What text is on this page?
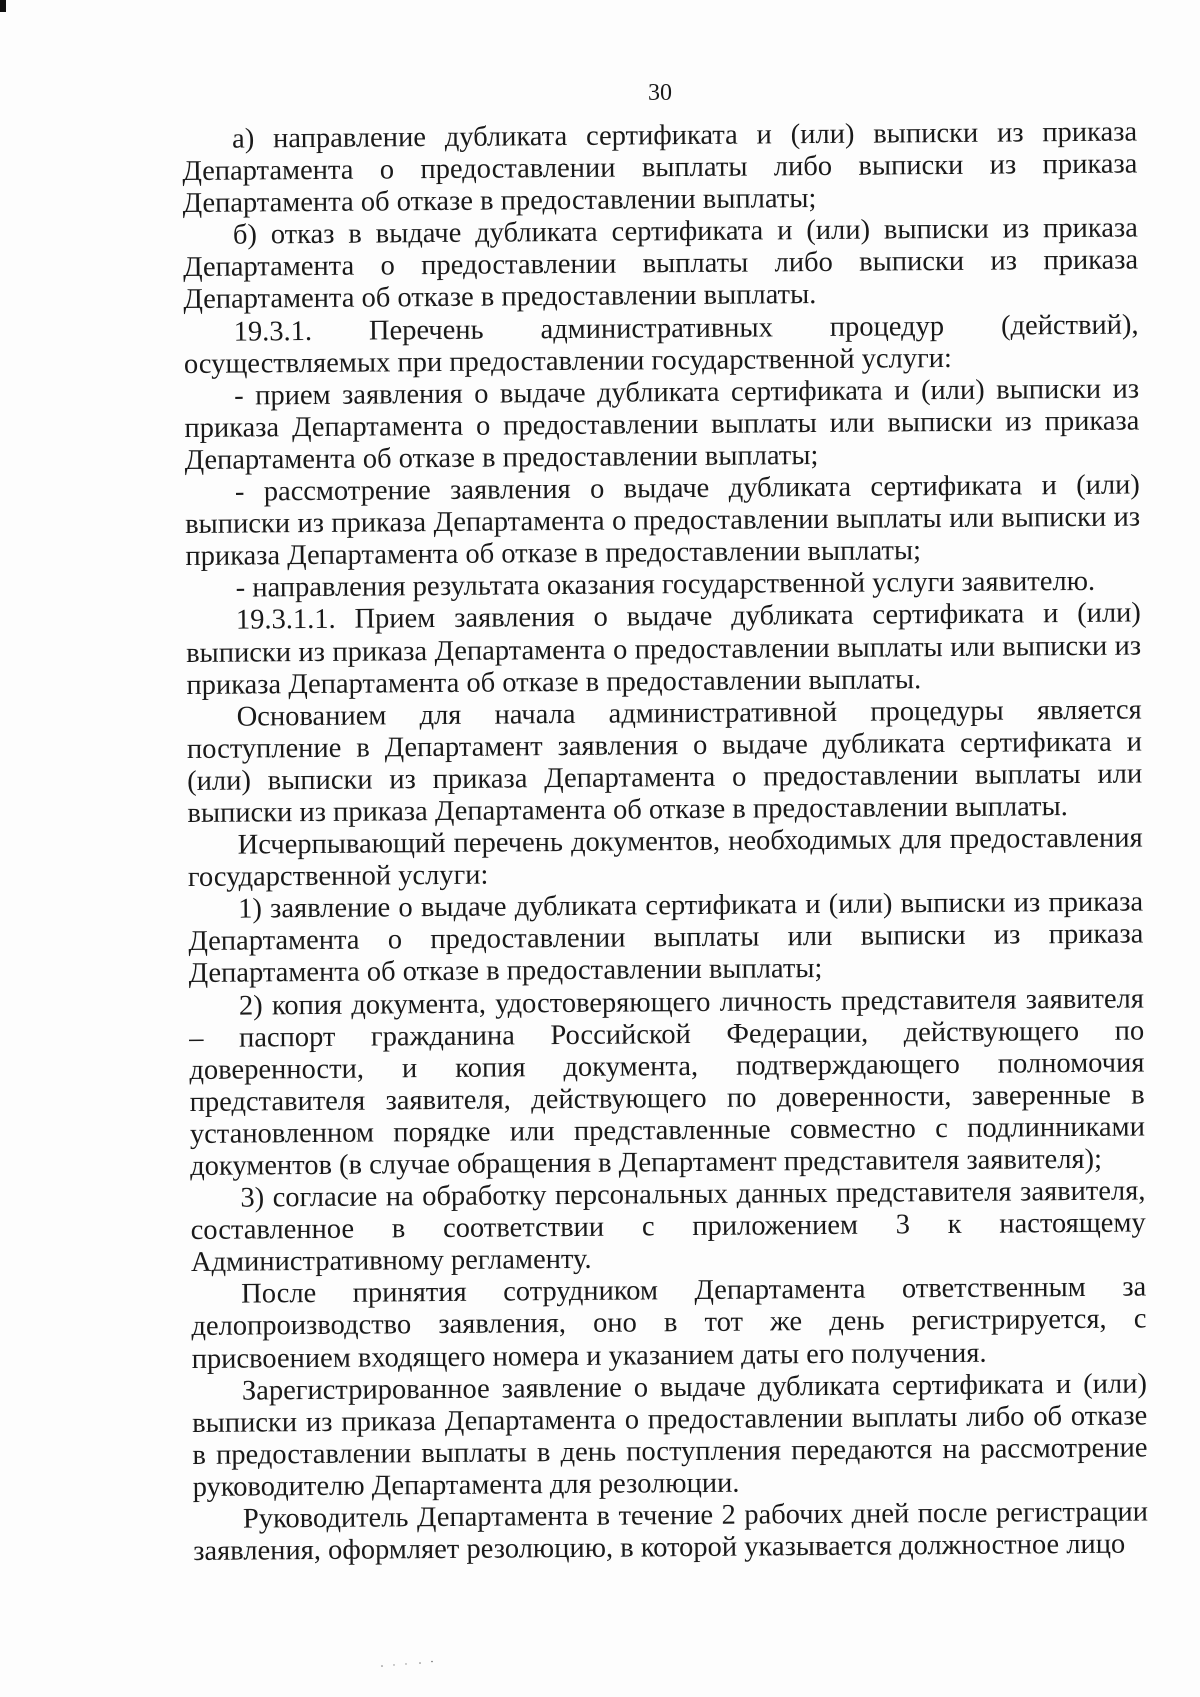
30

а) направление дубликата сертификата и (или) выписки из приказа Департамента о предоставлении выплаты либо выписки из приказа Департамента об отказе в предоставлении выплаты;

б) отказ в выдаче дубликата сертификата и (или) выписки из приказа Департамента о предоставлении выплаты либо выписки из приказа Департамента об отказе в предоставлении выплаты.

19.3.1. Перечень административных процедур (действий), осуществляемых при предоставлении государственной услуги:

- прием заявления о выдаче дубликата сертификата и (или) выписки из приказа Департамента о предоставлении выплаты или выписки из приказа Департамента об отказе в предоставлении выплаты;

- рассмотрение заявления о выдаче дубликата сертификата и (или) выписки из приказа Департамента о предоставлении выплаты или выписки из приказа Департамента об отказе в предоставлении выплаты;

- направления результата оказания государственной услуги заявителю.

19.3.1.1. Прием заявления о выдаче дубликата сертификата и (или) выписки из приказа Департамента о предоставлении выплаты или выписки из приказа Департамента об отказе в предоставлении выплаты.

Основанием для начала административной процедуры является поступление в Департамент заявления о выдаче дубликата сертификата и (или) выписки из приказа Департамента о предоставлении выплаты или выписки из приказа Департамента об отказе в предоставлении выплаты.

Исчерпывающий перечень документов, необходимых для предоставления государственной услуги:

1) заявление о выдаче дубликата сертификата и (или) выписки из приказа Департамента о предоставлении выплаты или выписки из приказа Департамента об отказе в предоставлении выплаты;

2) копия документа, удостоверяющего личность представителя заявителя – паспорт гражданина Российской Федерации, действующего по доверенности, и копия документа, подтверждающего полномочия представителя заявителя, действующего по доверенности, заверенные в установленном порядке или представленные совместно с подлинниками документов (в случае обращения в Департамент представителя заявителя);

3) согласие на обработку персональных данных представителя заявителя, составленное в соответствии с приложением 3 к настоящему Административному регламенту.

После принятия сотрудником Департамента ответственным за делопроизводство заявления, оно в тот же день регистрируется, с присвоением входящего номера и указанием даты его получения.

Зарегистрированное заявление о выдаче дубликата сертификата и (или) выписки из приказа Департамента о предоставлении выплаты либо об отказе в предоставлении выплаты в день поступления передаются на рассмотрение руководителю Департамента для резолюции.

Руководитель Департамента в течение 2 рабочих дней после регистрации заявления, оформляет резолюцию, в которой указывается должностное лицо
